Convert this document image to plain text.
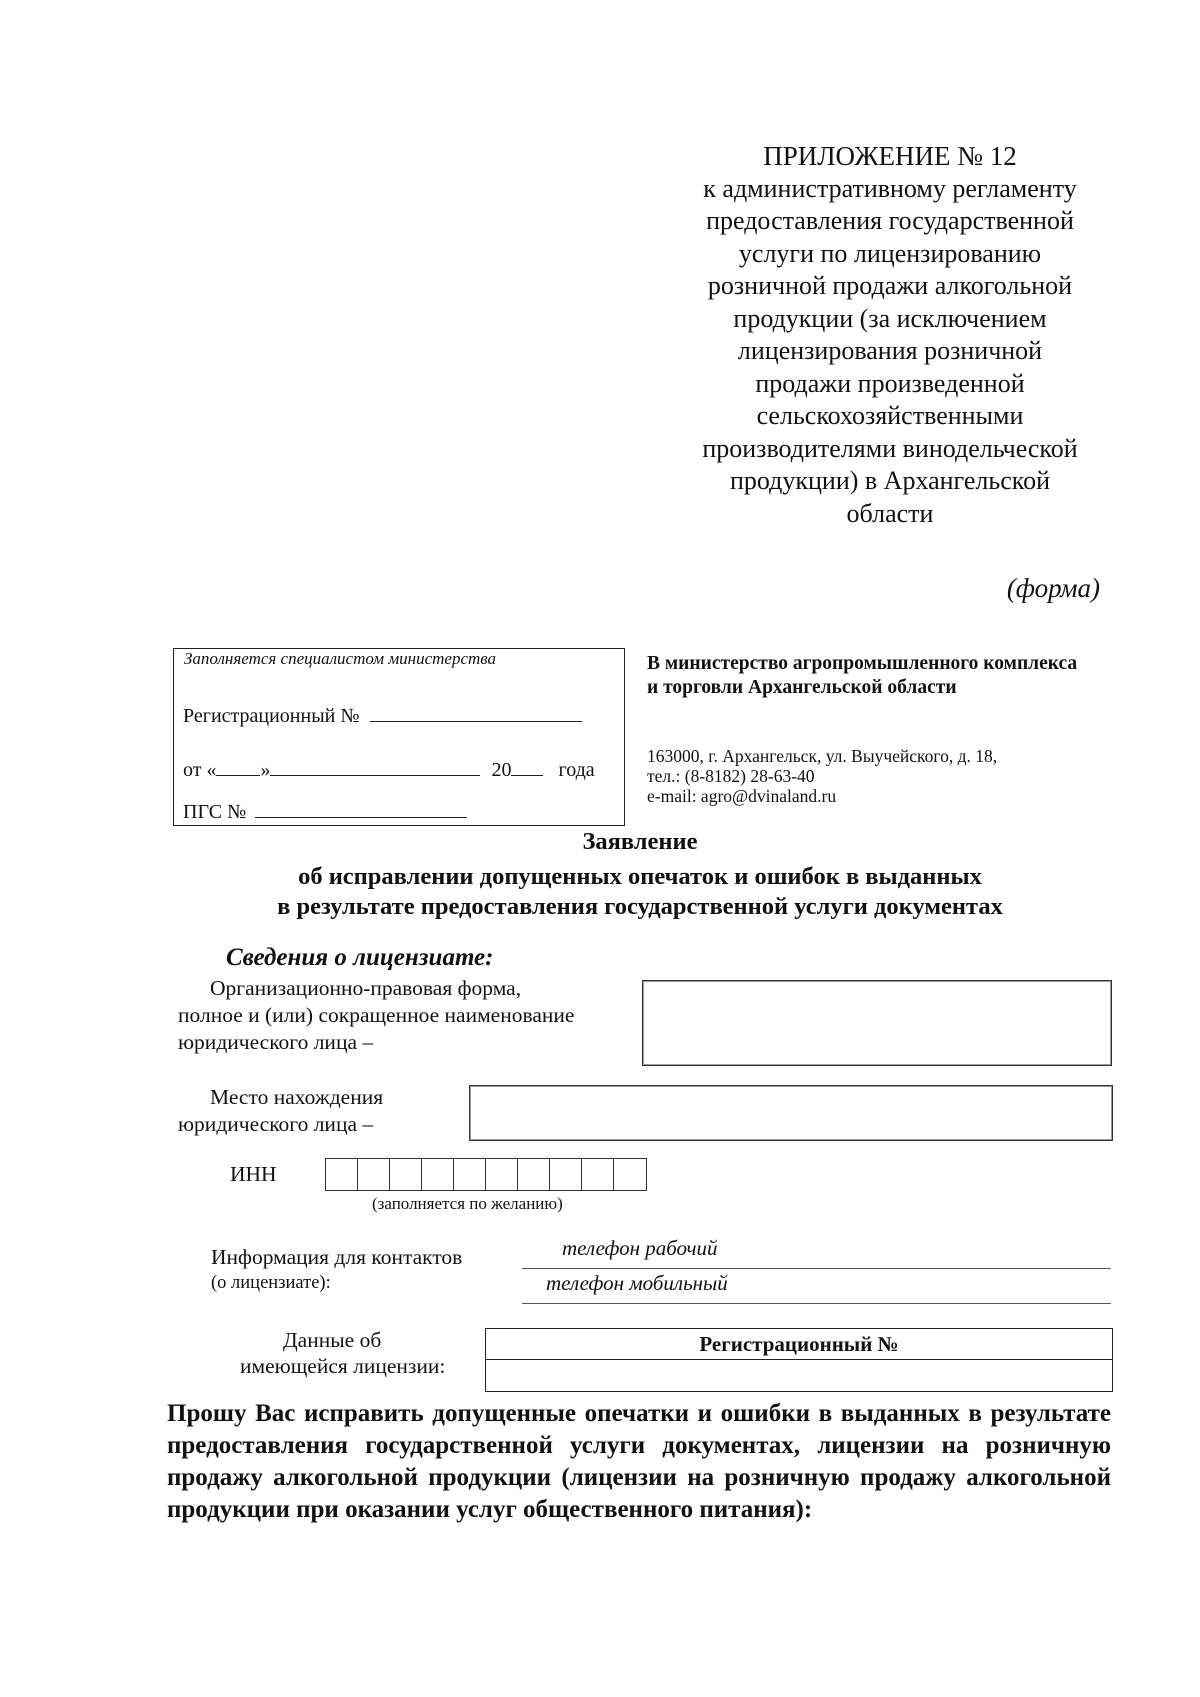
ПРИЛОЖЕНИЕ № 12
к административному регламенту
предоставления государственной
услуги по лицензированию
розничной продажи алкогольной
продукции (за исключением
лицензирования розничной
продажи произведенной
сельскохозяйственными
производителями винодельческой
продукции) в Архангельской
области
(форма)
Заполняется специалистом министерства
Регистрационный №
от « »	20 года
ПГС №
В министерство агропромышленного комплекса и торговли Архангельской области
163000, г. Архангельск, ул. Выучейского, д. 18,
тел.: (8-8182) 28-63-40
e-mail: agro@dvinaland.ru
Заявление
об исправлении допущенных опечаток и ошибок в выданных
в результате предоставления государственной услуги документах
Сведения о лицензиате:
Организационно-правовая форма,
полное и (или) сокращенное наименование
юридического лица –
Место нахождения
юридического лица –
ИНН
(заполняется по желанию)
Информация для контактов
(о лицензиате):
телефон рабочий
телефон мобильный
Данные об
имеющейся лицензии:
Регистрационный №
Прошу Вас исправить допущенные опечатки и ошибки в выданных в результате предоставления государственной услуги документах, лицензии на розничную продажу алкогольной продукции (лицензии на розничную продажу алкогольной продукции при оказании услуг общественного питания):
